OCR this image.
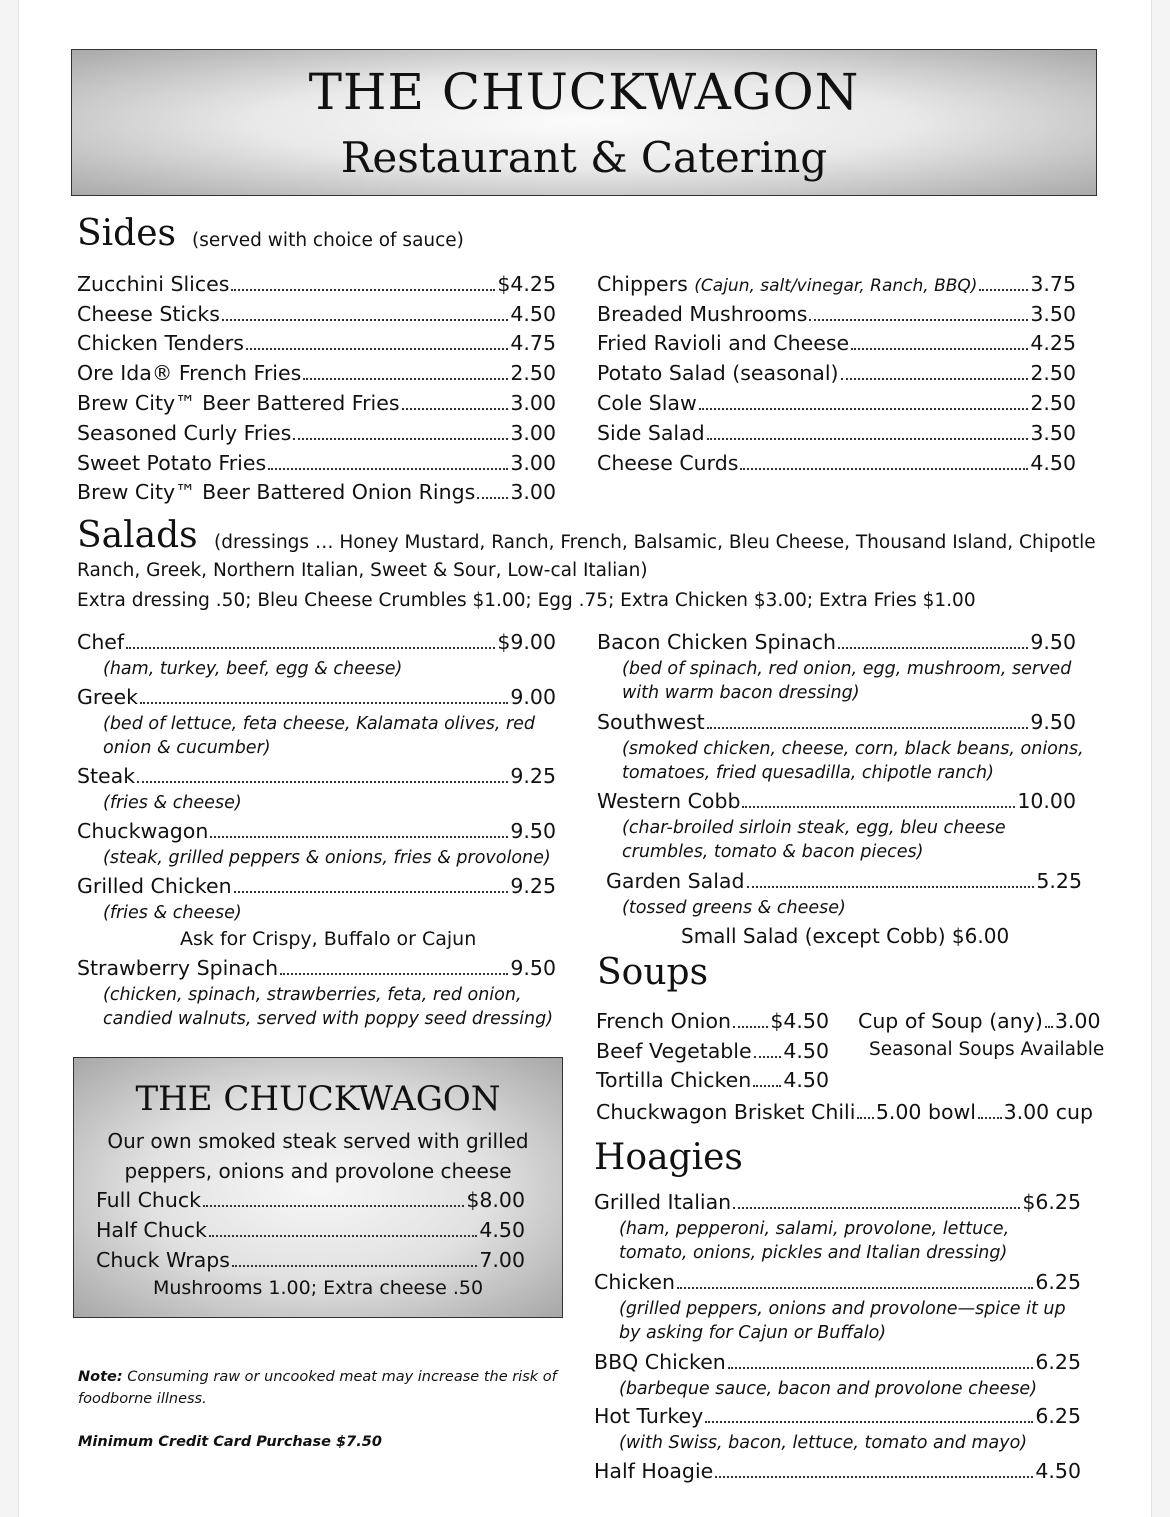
THE CHUCKWAGON
Restaurant & Catering
Sides (served with choice of sauce)
Zucchini Slices	$4.25
Cheese Sticks	4.50
Chicken Tenders	4.75
Ore Ida® French Fries	2.50
Brew City™ Beer Battered Fries	3.00
Seasoned Curly Fries	3.00
Sweet Potato Fries	3.00
Brew City™ Beer Battered Onion Rings 3.00
Chippers (Cajun, salt/vinegar, Ranch, BBQ)	3.75
Breaded Mushrooms	3.50
Fried Ravioli and Cheese	4.25
Potato Salad (seasonal)	2.50
Cole Slaw	2.50
Side Salad	3.50
Cheese Curds	4.50
Salads (dressings … Honey Mustard, Ranch, French, Balsamic, Bleu Cheese, Thousand Island, Chipotle
Ranch, Greek, Northern Italian, Sweet & Sour, Low-cal Italian)
Extra dressing .50; Bleu Cheese Crumbles $1.00; Egg .75; Extra Chicken $3.00; Extra Fries $1.00
Chef	$9.00
(ham, turkey, beef, egg & cheese)
Greek	9.00
(bed of lettuce, feta cheese, Kalamata olives, red onion & cucumber)
Steak	9.25
(fries & cheese)
Chuckwagon	9.50
(steak, grilled peppers & onions, fries & provolone)
Grilled Chicken	9.25
(fries & cheese)
Ask for Crispy, Buffalo or Cajun
Strawberry Spinach	9.50
(chicken, spinach, strawberries, feta, red onion, candied walnuts, served with poppy seed dressing)
Bacon Chicken Spinach	9.50
(bed of spinach, red onion, egg, mushroom, served with warm bacon dressing)
Southwest	9.50
(smoked chicken, cheese, corn, black beans, onions, tomatoes, fried quesadilla, chipotle ranch)
Western Cobb	10.00
(char-broiled sirloin steak, egg, bleu cheese crumbles, tomato & bacon pieces)
Garden Salad	5.25
(tossed greens & cheese)
Small Salad (except Cobb) $6.00
THE CHUCKWAGON
Our own smoked steak served with grilled
peppers, onions and provolone cheese
Full Chuck	$8.00
Half Chuck	4.50
Chuck Wraps	7.00
Mushrooms 1.00; Extra cheese .50
Note: Consuming raw or uncooked meat may increase the risk of foodborne illness.
Minimum Credit Card Purchase $7.50
Soups
French Onion $4.50
Beef Vegetable 4.50
Tortilla Chicken 4.50
Cup of Soup (any) 3.00
Seasonal Soups Available
Chuckwagon Brisket Chili 5.00 bowl 3.00 cup
Hoagies
Grilled Italian	$6.25
(ham, pepperoni, salami, provolone, lettuce, tomato, onions, pickles and Italian dressing)
Chicken	6.25
(grilled peppers, onions and provolone—spice it up by asking for Cajun or Buffalo)
BBQ Chicken	6.25
(barbeque sauce, bacon and provolone cheese)
Hot Turkey	6.25
(with Swiss, bacon, lettuce, tomato and mayo)
Half Hoagie	4.50
